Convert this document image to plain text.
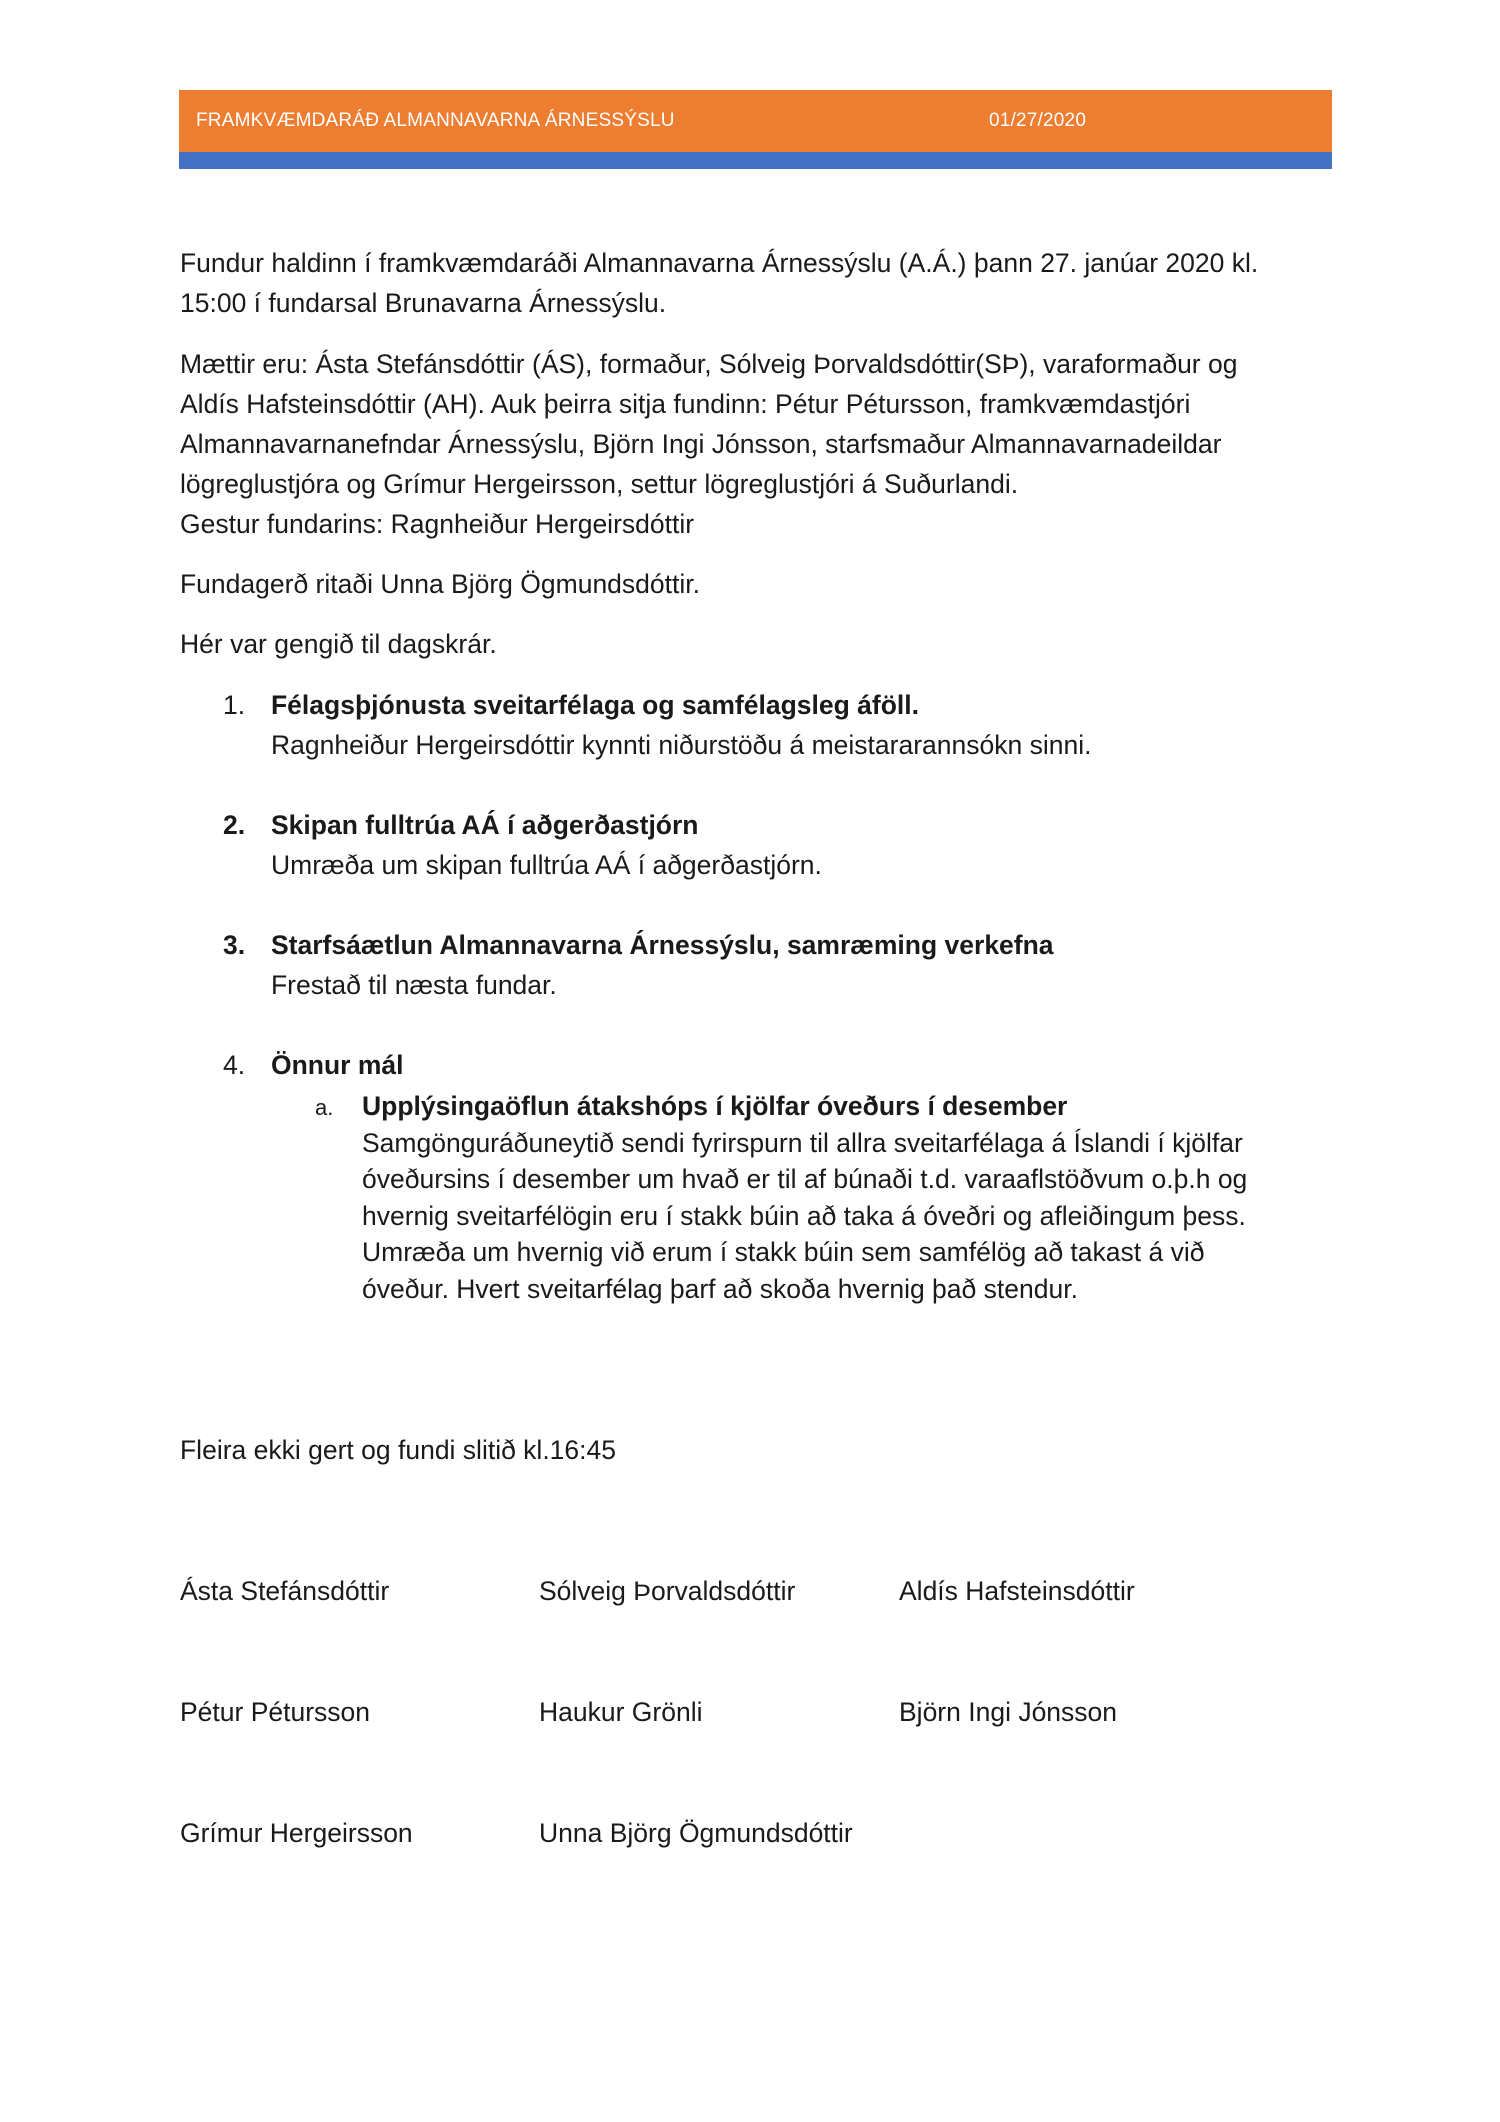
FRAMKVÆMDARÁÐ ALMANNAVARNA ÁRNESSÝSLU	01/27/2020
Fundur haldinn í framkvæmdaráði Almannavarna Árnessýslu (A.Á.) þann 27. janúar 2020 kl.
15:00 í fundarsal Brunavarna Árnessýslu.
Mættir eru: Ásta Stefánsdóttir (ÁS), formaður, Sólveig Þorvaldsdóttir(SÞ), varaformaður og
Aldís Hafsteinsdóttir (AH). Auk þeirra sitja fundinn: Pétur Pétursson, framkvæmdastjóri
Almannavarnanefndar Árnessýslu, Björn Ingi Jónsson, starfsmaður Almannavarnadeildar
lögreglustjóra og Grímur Hergeirsson, settur lögreglustjóri á Suðurlandi.
Gestur fundarins: Ragnheiður Hergeirsdóttir
Fundagerð ritaði Unna Björg Ögmundsdóttir.
Hér var gengið til dagskrár.
1. Félagsþjónusta sveitarfélaga og samfélagsleg áföll.
Ragnheiður Hergeirsdóttir kynnti niðurstöðu á meistararannsókn sinni.
2. Skipan fulltrúa AÁ í aðgerðastjórn
Umræða um skipan fulltrúa AÁ í aðgerðastjórn.
3. Starfsáætlun Almannavarna Árnessýslu, samræming verkefna
Frestað til næsta fundar.
4. Önnur mál
a. Upplýsingaöflun átakshóps í kjölfar óveðurs í desember
Samgönguráðuneytið sendi fyrirspurn til allra sveitarfélaga á Íslandi í kjölfar
óveðursins í desember um hvað er til af búnaði t.d. varaaflstöðvum o.þ.h og
hvernig sveitarfélögin eru í stakk búin að taka á óveðri og afleiðingum þess.
Umræða um hvernig við erum í stakk búin sem samfélög að takast á við
óveður. Hvert sveitarfélag þarf að skoða hvernig það stendur.
Fleira ekki gert og fundi slitið kl.16:45
Ásta Stefánsdóttir	Sólveig Þorvaldsdóttir	Aldís Hafsteinsdóttir
Pétur Pétursson	Haukur Grönli	Björn Ingi Jónsson
Grímur Hergeirsson	Unna Björg Ögmundsdóttir
